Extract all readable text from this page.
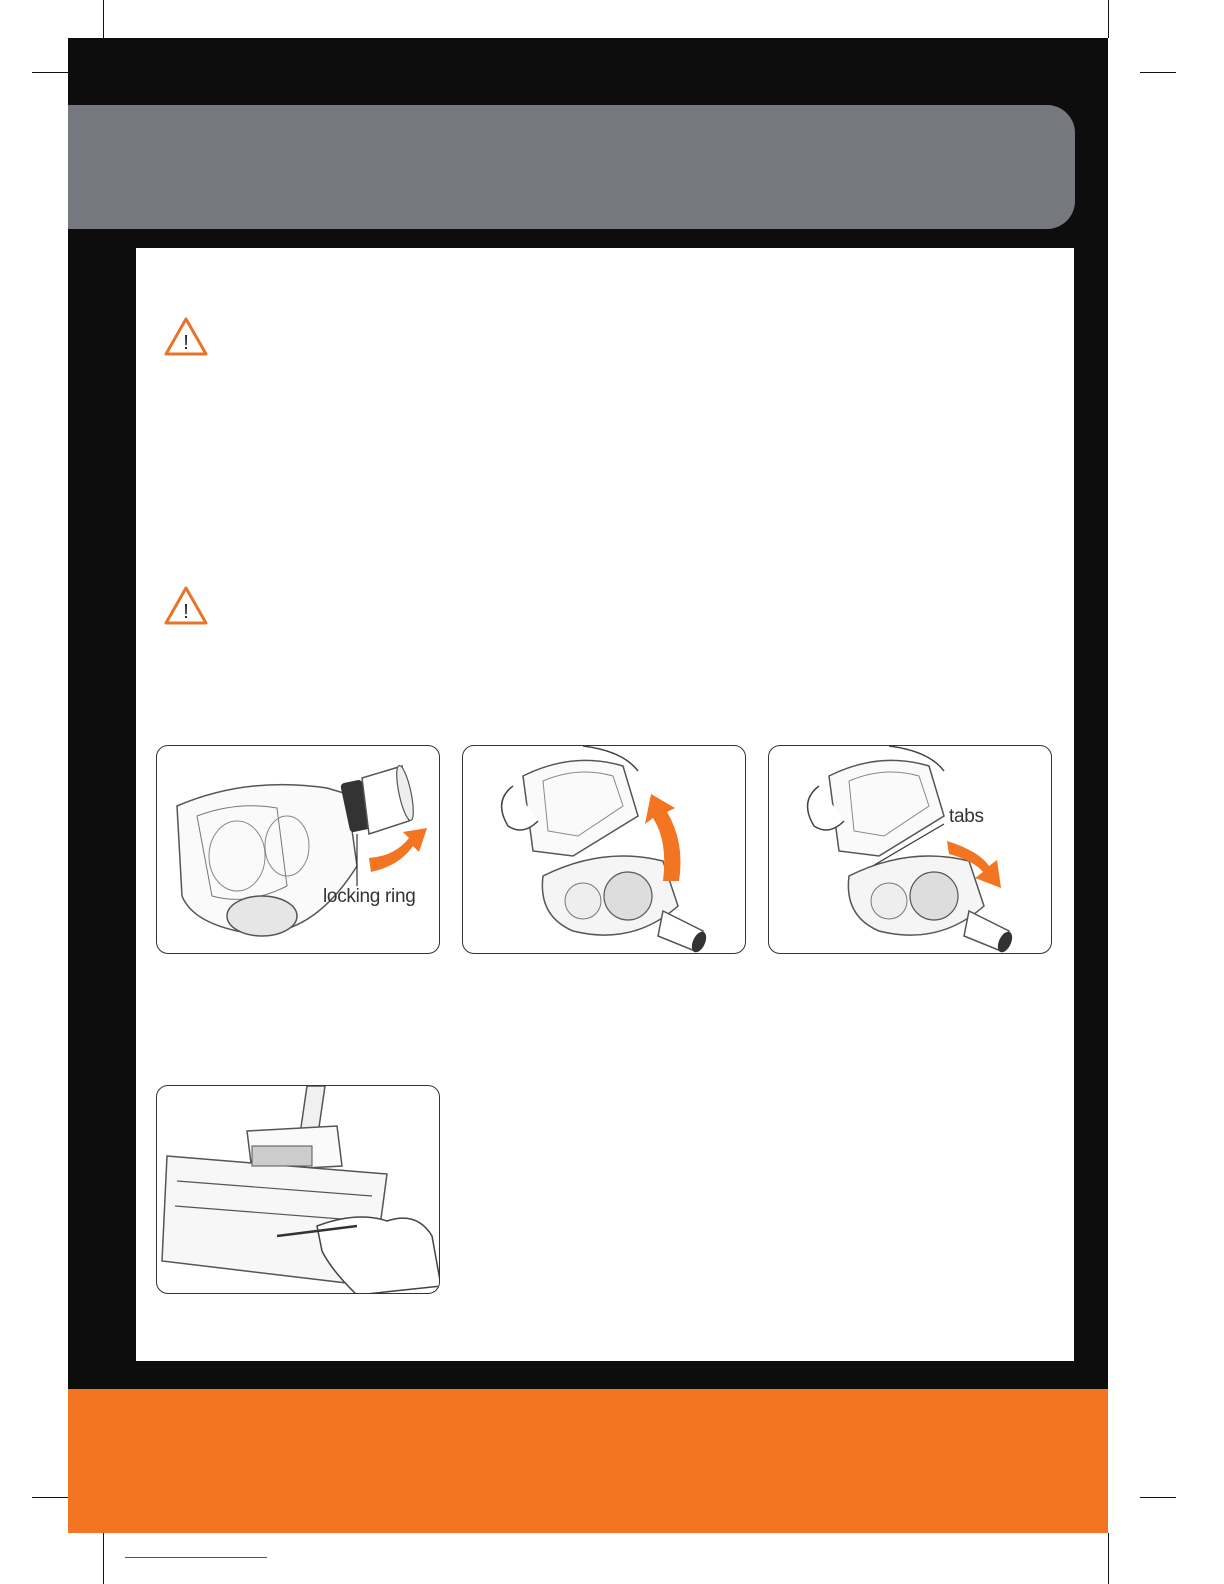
!
!
locking ring
tabs
